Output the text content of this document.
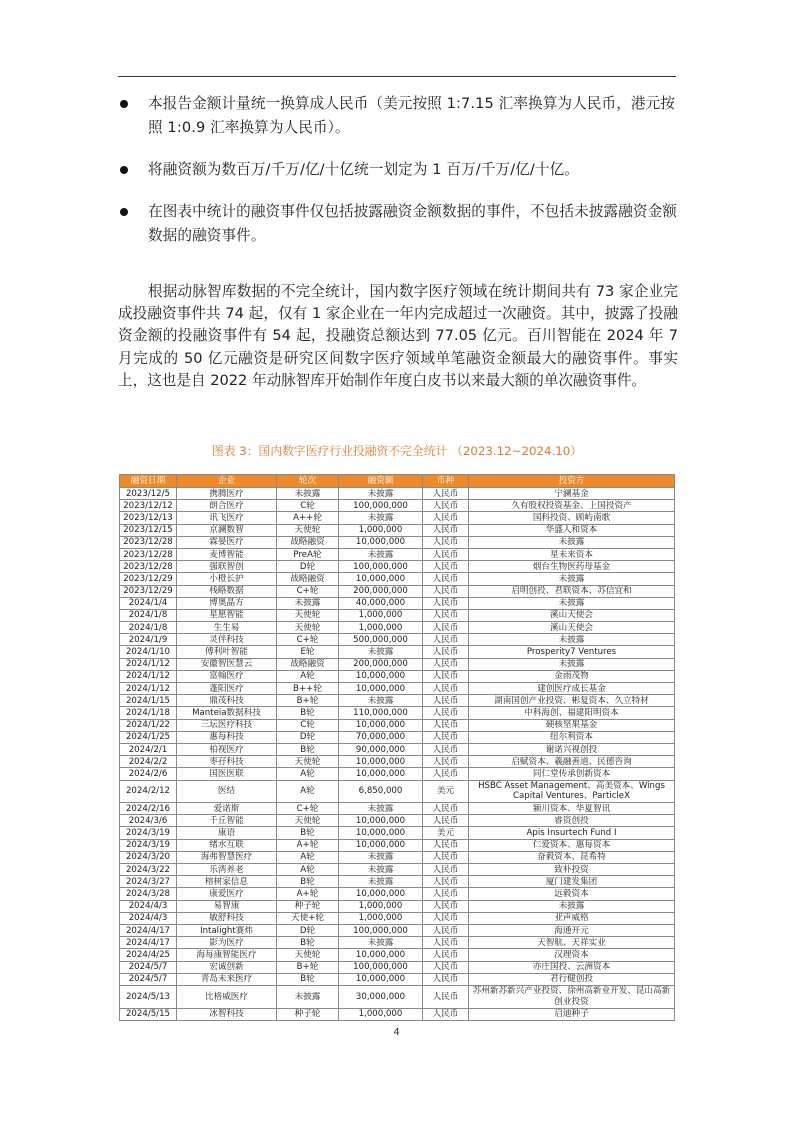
本报告金额计量统一换算成人民币（美元按照 1:7.15 汇率换算为人民币，港元按照 1:0.9 汇率换算为人民币）。
将融资额为数百万/千万/亿/十亿统一划定为 1 百万/千万/亿/十亿。
在图表中统计的融资事件仅包括披露融资金额数据的事件，不包括未披露融资金额数据的融资事件。
根据动脉智库数据的不完全统计，国内数字医疗领域在统计期间共有 73 家企业完成投融资事件共 74 起，仅有 1 家企业在一年内完成超过一次融资。其中，披露了投融资金额的投融资事件有 54 起，投融资总额达到 77.05 亿元。百川智能在 2024 年 7 月完成的 50 亿元融资是研究区间数字医疗领域单笔融资金额最大的融资事件。事实上，这也是自 2022 年动脉智库开始制作年度白皮书以来最大额的单次融资事件。
图表 3：国内数字医疗行业投融资不完全统计 （2023.12~2024.10）
融资日期	企业	轮次	融资额	币种	投资方
2023/12/5	携腾医疗	未披露	未披露	人民币	宁澜基金
2023/12/12	朗合医疗	C轮	100,000,000	人民币	久有股权投资基金、上国投资产
2023/12/13	讯飞医疗	A++轮	未披露	人民币	国科投资、顾屿南歌
2023/12/15	京澜数智	天使轮	1,000,000	人民币	华盛人和资本
2023/12/28	霖晏医疗	战略融资	10,000,000	人民币	未披露
2023/12/28	麦博智能	PreA轮	未披露	人民币	星未来资本
2023/12/28	强联智创	D轮	100,000,000	人民币	烟台生物医药母基金
2023/12/29	小橙长护	战略融资	10,000,000	人民币	未披露
2023/12/29	栈略数据	C+轮	200,000,000	人民币	启明创投、君联资本、苏信宜和
2024/1/4	博奥晶方	未披露	40,000,000	人民币	未披露
2024/1/8	星愿智能	天使轮	1,000,000	人民币	溪山天使会
2024/1/8	生生易	天使轮	1,000,000	人民币	溪山天使会
2024/1/9	灵伴科技	C+轮	500,000,000	人民币	未披露
2024/1/10	傅利叶智能	E轮	未披露	人民币	Prosperity7 Ventures
2024/1/12	安徽智医慧云	战略融资	200,000,000	人民币	未披露
2024/1/12	富翰医疗	A轮	10,000,000	人民币	金雨茂物
2024/1/12	蓬阳医疗	B++轮	10,000,000	人民币	建创医疗成长基金
2024/1/15	鼎茂科技	B+轮	未披露	人民币	湖南国创产业投资、彬复资本、久立特材
2024/1/18	Manteia数据科技	B轮	110,000,000	人民币	中科海创、福建阳明资本
2024/1/22	三坛医疗科技	C轮	10,000,000	人民币	硬核坚果基金
2024/1/25	惠每科技	D轮	70,000,000	人民币	纽尔利资本
2024/2/1	柏视医疗	B轮	90,000,000	人民币	谢诺兴视创投
2024/2/2	枣孖科技	天使轮	10,000,000	人民币	启赋资本、羲融善道、民德咨询
2024/2/6	国医医联	A轮	10,000,000	人民币	同仁堂传承创新资本
2024/2/12	医结	A轮	6,850,000	美元	HSBC Asset Management、高美资本、Wings Capital Ventures、ParticleX
2024/2/16	爱诺斯	C+轮	未披露	人民币	颍川资本、华夏智讯
2024/3/6	千丘智能	天使轮	10,000,000	人民币	睿资创投
2024/3/19	康语	B轮	10,000,000	美元	Apis Insurtech Fund I
2024/3/19	绪水互联	A+轮	10,000,000	人民币	仁爱资本、惠每资本
2024/3/20	海弗智慧医疗	A轮	未披露	人民币	奋毅资本、昆希特
2024/3/22	乐湾养老	A轮	未披露	人民币	致朴投资
2024/3/27	榕树家信息	B轮	未披露	人民币	厦门建发集团
2024/3/28	康爱医疗	A+轮	10,000,000	人民币	远毅资本
2024/4/3	易智康	种子轮	1,000,000	人民币	未披露
2024/4/3	敏舒科技	天使+轮	1,000,000	人民币	亚声威格
2024/4/17	Intalight赛炜	D轮	100,000,000	人民币	海通开元
2024/4/17	影为医疗	B轮	未披露	人民币	天智航、天祥实业
2024/4/25	海每康智能医疗	天使轮	10,000,000	人民币	汉理资本
2024/5/7	宏诚创新	B+轮	100,000,000	人民币	亦庄国投、云洲资本
2024/5/7	青岛未来医疗	B轮	10,000,000	人民币	君行健创投
2024/5/13	比格威医疗	未披露	30,000,000	人民币	苏州新苏新兴产业投资、徐州高新业开发、昆山高新创业投资
2024/5/15	冰智科技	种子轮	1,000,000	人民币	启迪种子
4
